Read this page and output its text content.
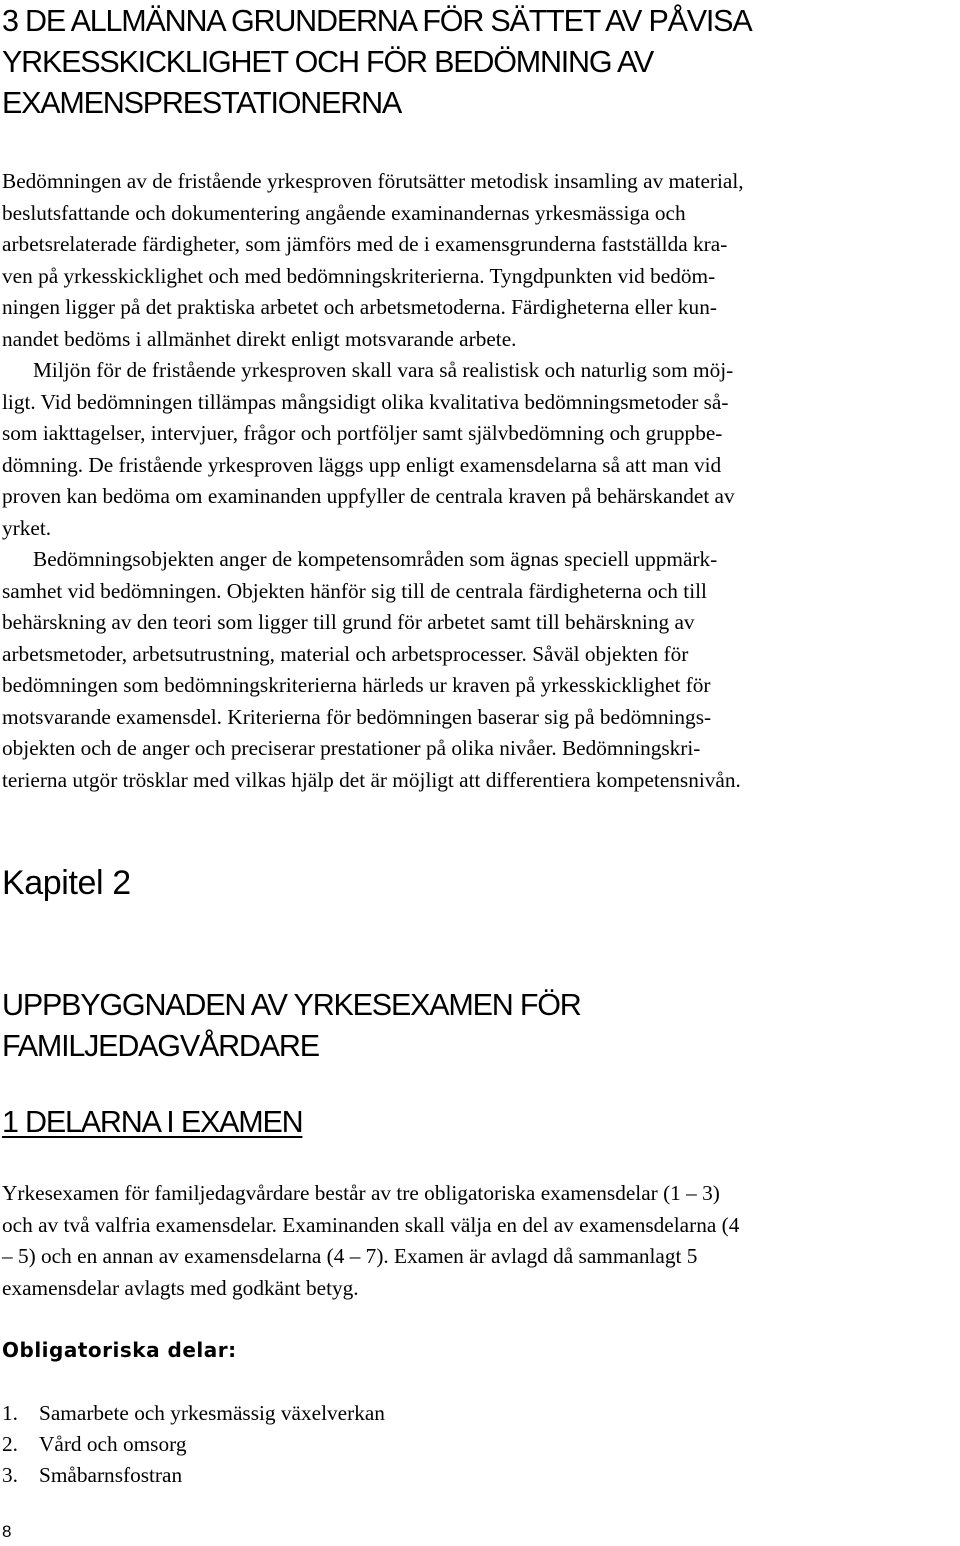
3 DE ALLMÄNNA GRUNDERNA FÖR SÄTTET AV PÅVISA
YRKESSKICKLIGHET OCH FÖR BEDÖMNING AV
EXAMENSPRESTATIONERNA
Bedömningen av de fristående yrkesproven förutsätter metodisk insamling av material,
beslutsfattande och dokumentering angående examinandernas yrkesmässiga och
arbetsrelaterade färdigheter, som jämförs med de i examensgrunderna fastställda kra-
ven på yrkesskicklighet och med bedömningskriterierna. Tyngdpunkten vid bedöm-
ningen ligger på det praktiska arbetet och arbetsmetoderna. Färdigheterna eller kun-
nandet bedöms i allmänhet direkt enligt motsvarande arbete.
Miljön för de fristående yrkesproven skall vara så realistisk och naturlig som möj-
ligt. Vid bedömningen tillämpas mångsidigt olika kvalitativa bedömningsmetoder så-
som iakttagelser, intervjuer, frågor och portföljer samt självbedömning och gruppbe-
dömning. De fristående yrkesproven läggs upp enligt examensdelarna så att man vid
proven kan bedöma om examinanden uppfyller de centrala kraven på behärskandet av
yrket.
Bedömningsobjekten anger de kompetensområden som ägnas speciell uppmärk-
samhet vid bedömningen. Objekten hänför sig till de centrala färdigheterna och till
behärskning av den teori som ligger till grund för arbetet samt till behärskning av
arbetsmetoder, arbetsutrustning, material och arbetsprocesser. Såväl objekten för
bedömningen som bedömningskriterierna härleds ur kraven på yrkesskicklighet för
motsvarande examensdel. Kriterierna för bedömningen baserar sig på bedömnings-
objekten och de anger och preciserar prestationer på olika nivåer. Bedömningskri-
terierna utgör trösklar med vilkas hjälp det är möjligt att differentiera kompetensnivån.
Kapitel 2
UPPBYGGNADEN AV YRKESEXAMEN FÖR
FAMILJEDAGVÅRDARE
1 DELARNA I EXAMEN
Yrkesexamen för familjedagvårdare består av tre obligatoriska examensdelar (1 – 3)
och av två valfria examensdelar. Examinanden skall välja en del av examensdelarna (4
– 5) och en annan av examensdelarna (4 – 7). Examen är avlagd då sammanlagt 5
examensdelar avlagts med godkänt betyg.
Obligatoriska delar:
1. Samarbete och yrkesmässig växelverkan
2. Vård och omsorg
3. Småbarnsfostran
8
